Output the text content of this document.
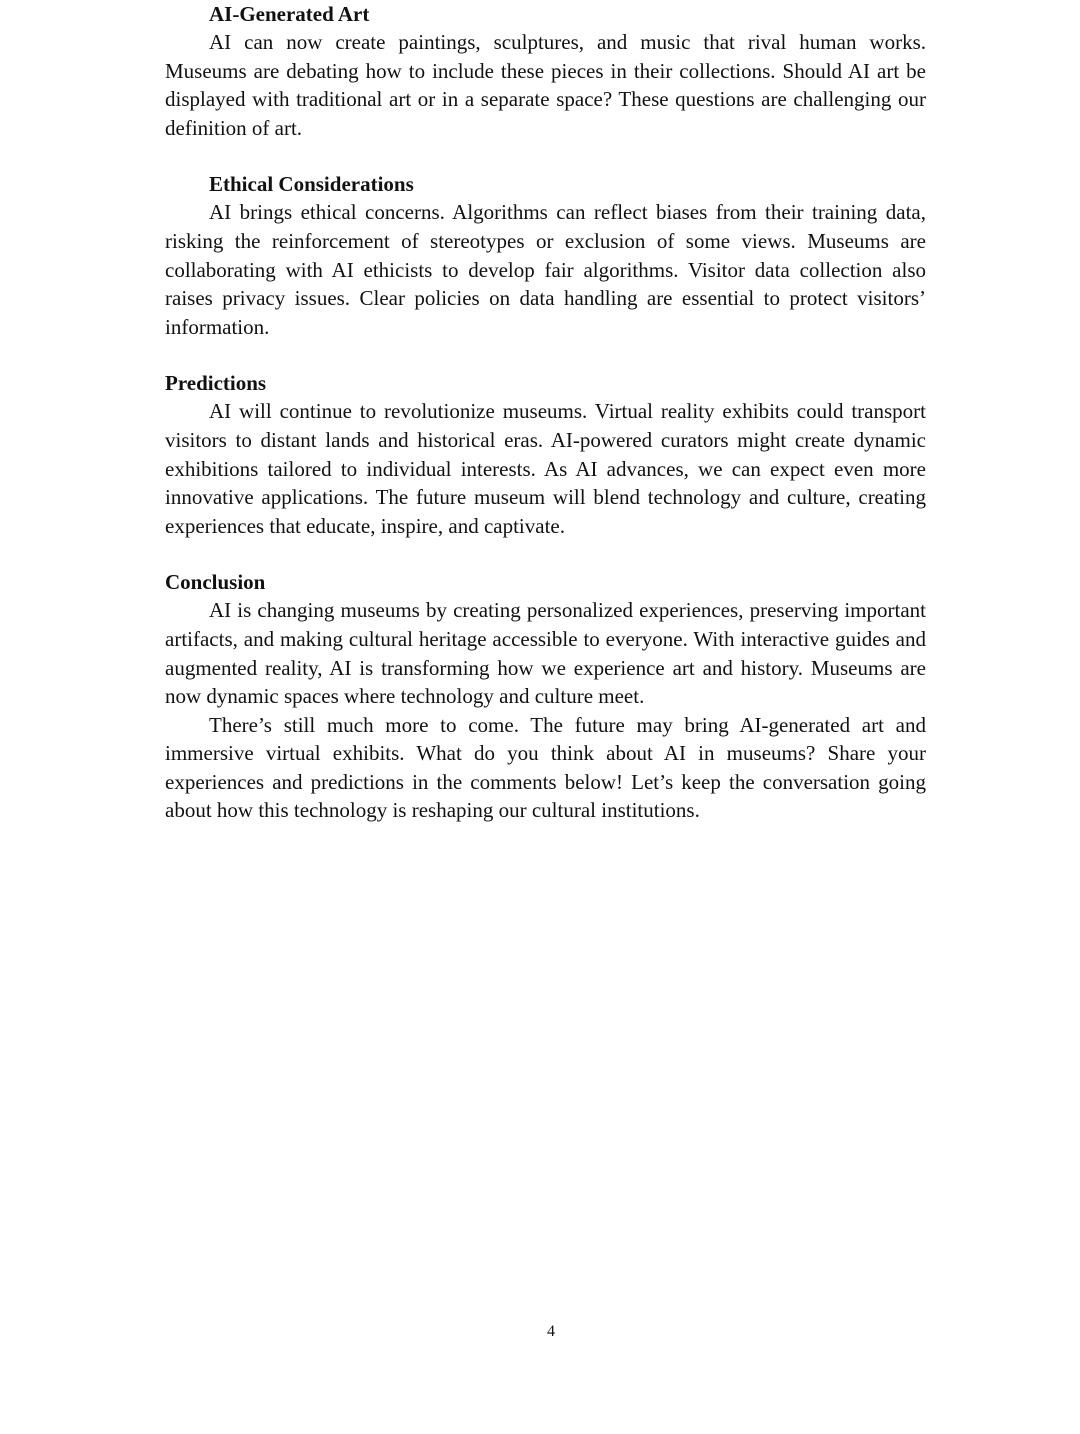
AI-Generated Art

AI can now create paintings, sculptures, and music that rival human works. Museums are debating how to include these pieces in their collections. Should AI art be displayed with traditional art or in a separate space? These questions are challenging our definition of art.

Ethical Considerations

AI brings ethical concerns. Algorithms can reflect biases from their training data, risking the reinforcement of stereotypes or exclusion of some views. Museums are collaborating with AI ethicists to develop fair algorithms. Visitor data collection also raises privacy issues. Clear policies on data handling are essential to protect visitors’ information.

Predictions

AI will continue to revolutionize museums. Virtual reality exhibits could transport visitors to distant lands and historical eras. AI-powered curators might create dynamic exhibitions tailored to individual interests. As AI advances, we can expect even more innovative applications. The future museum will blend technology and culture, creating experiences that educate, inspire, and captivate.

Conclusion

AI is changing museums by creating personalized experiences, preserving important artifacts, and making cultural heritage accessible to everyone. With interactive guides and augmented reality, AI is transforming how we experience art and history. Museums are now dynamic spaces where technology and culture meet.

There’s still much more to come. The future may bring AI-generated art and immersive virtual exhibits. What do you think about AI in museums? Share your experiences and predictions in the comments below! Let’s keep the conversation going about how this technology is reshaping our cultural institutions.

4
